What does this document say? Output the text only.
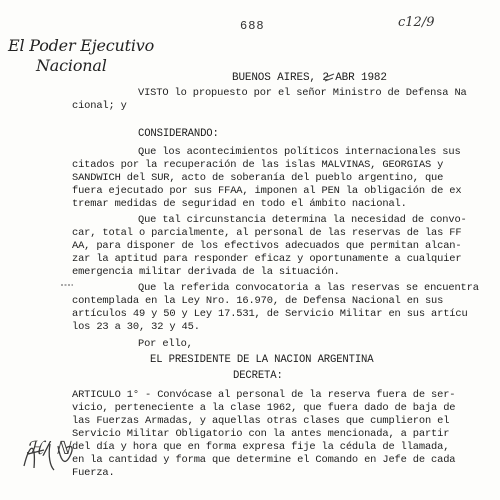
El Poder Ejecutivo
Nacional
688	c12/9
BUENOS AIRES, 2 ABR 1982
VISTO lo propuesto por el señor Ministro de Defensa Na
cional; y
CONSIDERANDO:
Que los acontecimientos políticos internacionales sus
citados por la recuperación de las islas MALVINAS, GEORGIAS y
SANDWICH del SUR, acto de soberanía del pueblo argentino, que
fuera ejecutado por sus FFAA, imponen al PEN la obligación de ex
tremar medidas de seguridad en todo el ámbito nacional.
Que tal circunstancia determina la necesidad de convo-
car, total o parcialmente, al personal de las reservas de las FF
AA, para disponer de los efectivos adecuados que permitan alcan-
zar la aptitud para responder eficaz y oportunamente a cualquier
emergencia militar derivada de la situación.
Que la referida convocatoria a las reservas se encuentra
contemplada en la Ley Nro. 16.970, de Defensa Nacional en sus
artículos 49 y 50 y Ley 17.531, de Servicio Militar en sus artícu
los 23 a 30, 32 y 45.
Por ello,
EL PRESIDENTE DE LA NACION ARGENTINA
DECRETA:
ARTICULO 1° - Convócase al personal de la reserva fuera de ser-
vicio, perteneciente a la clase 1962, que fuera dado de baja de
las Fuerzas Armadas, y aquellas otras clases que cumplieron el
Servicio Militar Obligatorio con la antes mencionada, a partir
del día y hora que en forma expresa fije la cédula de llamada,
en la cantidad y forma que determine el Comando en Jefe de cada
Fuerza.
ℋ/ ℕ
